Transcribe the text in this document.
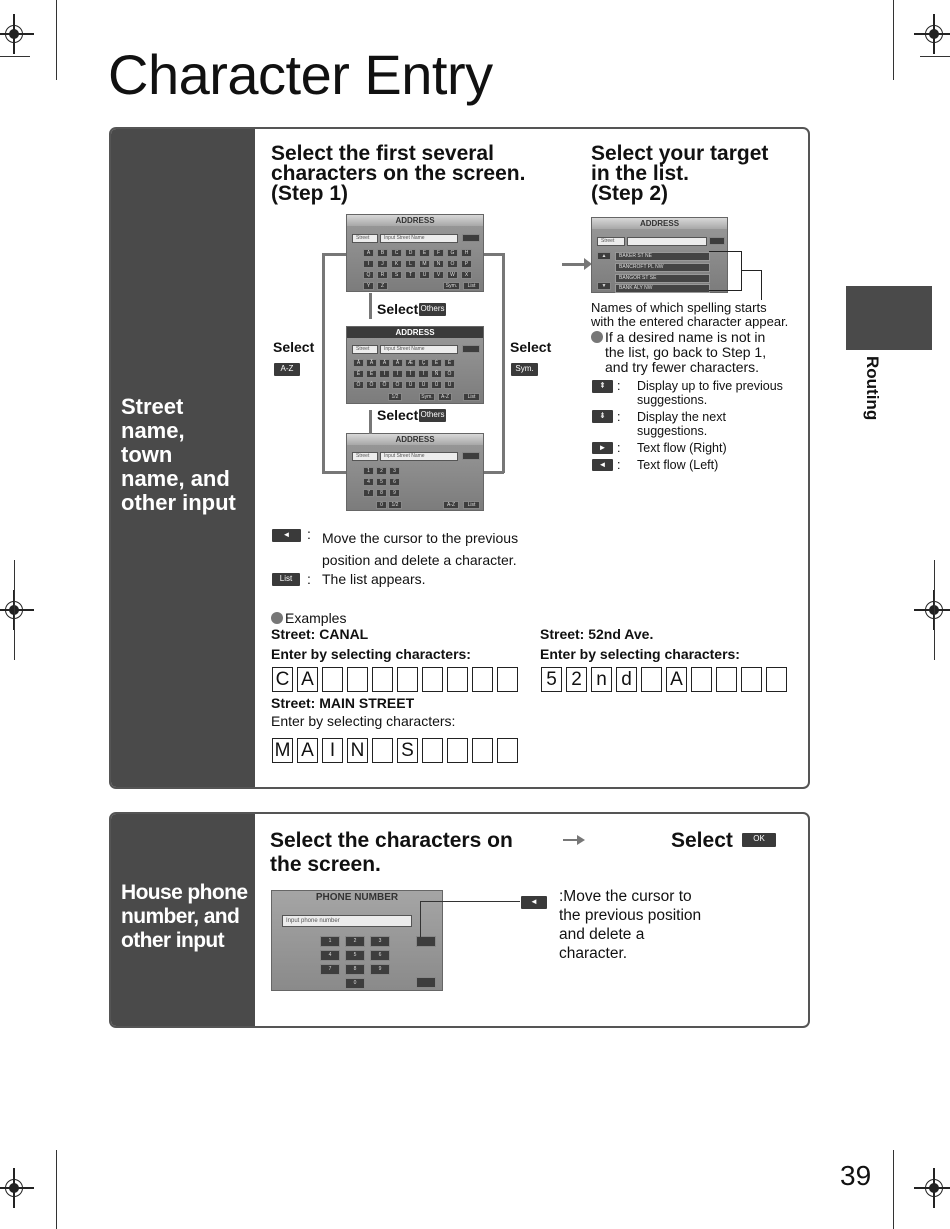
Character Entry
Routing
Street
name,
town
name, and
other input
Select the first several
characters on the screen.
(Step 1)
Select your target
in the list.
(Step 2)
ADDRESS
Street	Input Street Name
Sym.	List
A	B	C	D	E	F	G	H
I	J	K	L	M	N	O	P
Q	R	S	T	U	V	W	X
Y	Z
ADDRESS
Street	Input Street Name
1/2	Sym.	A-Z	List
Â	Ã	Ä	Å	Æ	Ç	È	É
Ê	Ë	Ì	Í	Î	Ï	Ñ	Ò
Ó	Ô	Õ	Ö	Ù	Ú	Û	Ü
ADDRESS
Street	Input Street Name
1/2	A-Z	List
1	2	3
4	5	6
7	8	9
0
Select Others
Select Others
Select
A-Z
Select
Sym.
ADDRESS
Street
▲
▼
BAKER ST NE
BANCROFT PL NW
BANGOR ST SE
BANK ALY NW
Names of which spelling starts
with the entered character appear.
If a desired name is not in
the list, go back to Step 1,
and try fewer characters.
⇞ : Display up to five previous
suggestions.
⇟ : Display the next
suggestions.
► : Text flow (Right)
◄ : Text flow (Left)
◄	: Move the cursor to the previous
position and delete a character.
List	: The list appears.
Examples
Street: CANAL
Enter by selecting characters:
C A
Street: 52nd Ave.
Enter by selecting characters:
5 2 n d A
Street: MAIN STREET
Enter by selecting characters:
M A I N S
House phone
number, and
other input
Select the characters on
the screen.
Select	OK
PHONE NUMBER
Input phone number
1	2	3
4	5	6
7	8	9
0
◄	:Move the cursor to
the previous position
and delete a
character.
39
